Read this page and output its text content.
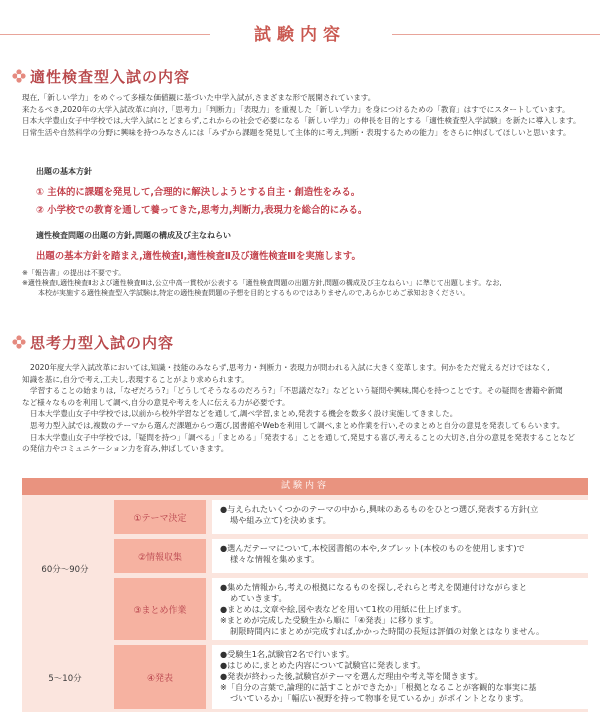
試験内容
適性検査型入試の内容

現在,「新しい学力」をめぐって多様な価値観に基づいた中学入試が,さまざまな形で展開されています。

来たるべき,2020年の大学入試改革に向け,「思考力」「判断力」「表現力」を重視した「新しい学力」を身につけるための「教育」はすでにスタートしています。

日本大学豊山女子中学校では,大学入試にとどまらず,これからの社会で必要になる「新しい学力」の伸長を目的とする「適性検査型入学試験」を新たに導入します。

日常生活や自然科学の分野に興味を持つみなさんには「みずから課題を発見して主体的に考え,判断・表現するための能力」をさらに伸ばしてほしいと思います。

出題の基本方針
① 主体的に課題を発見して,合理的に解決しようとする自主・創造性をみる。
② 小学校での教育を通して養ってきた,思考力,判断力,表現力を総合的にみる。
適性検査問題の出題の方針,問題の構成及び主なねらい
出題の基本方針を踏まえ,適性検査Ⅰ,適性検査Ⅱ及び適性検査Ⅲを実施します。

※「報告書」の提出は不要です。

※適性検査Ⅰ,適性検査Ⅱおよび適性検査Ⅲは,公立中高一貫校が公表する「適性検査問題の出題方針,問題の構成及び主なねらい」に準じて出題します。なお,

本校が実施する適性検査型入学試験は,特定の適性検査問題の予想を目的とするものではありませんので,あらかじめご承知おきください。

思考力型入試の内容

2020年度大学入試改革においては,知識・技能のみならず,思考力・判断力・表現力が問われる入試に大きく変革します。何かをただ覚えるだけではなく,

知識を基に,自分で考え,工夫し,表現することがより求められます。

学習することの始まりは,「なぜだろう?」「どうしてそうなるのだろう?」「不思議だな?」などという疑問や興味,関心を持つことです。その疑問を書籍や新聞

など様々なものを利用して調べ,自分の意見や考えを人に伝える力が必要です。

日本大学豊山女子中学校では,以前から校外学習などを通して,調べ学習,まとめ,発表する機会を数多く設け実施してきました。

思考力型入試では,複数のテーマから選んだ課題からつ選び,図書館やWebを利用して調べ,まとめ作業を行い,そのまとめと自分の意見を発表してもらいます。

日本大学豊山女子中学校では,「疑問を持つ」「調べる」「まとめる」「発表する」ことを通して,発見する喜び,考えることの大切さ,自分の意見を発表することなど

の発信力やコミュニケーション力を育み,伸ばしていきます。

試験内容
60分〜90分
5〜10分
①テーマ決定

●与えられたいくつかのテーマの中から,興味のあるものをひとつ選び,発表する方針(立

場や組み立て)を決めます。

②情報収集

●選んだテーマについて,本校図書館の本や,タブレット(本校のものを使用します)で

様々な情報を集めます。

③まとめ作業

●集めた情報から,考えの根拠になるものを探し,それらと考えを関連付けながらまと

めていきます。

●まとめは,文章や絵,図や表などを用いて1枚の用紙に仕上げます。

※まとめが完成した受験生から順に「④発表」に移ります。

制限時間内にまとめが完成すれば,かかった時間の長短は評価の対象とはなりません。

④発表

●受験生1名,試験官2名で行います。

●はじめに,まとめた内容について試験官に発表します。

●発表が終わった後,試験官がテーマを選んだ理由や考え等を聞きます。

※「自分の言葉で,論理的に話すことができたか」「根拠となることが客観的な事実に基

づいているか」「幅広い視野を持って物事を見ているか」がポイントとなります。
